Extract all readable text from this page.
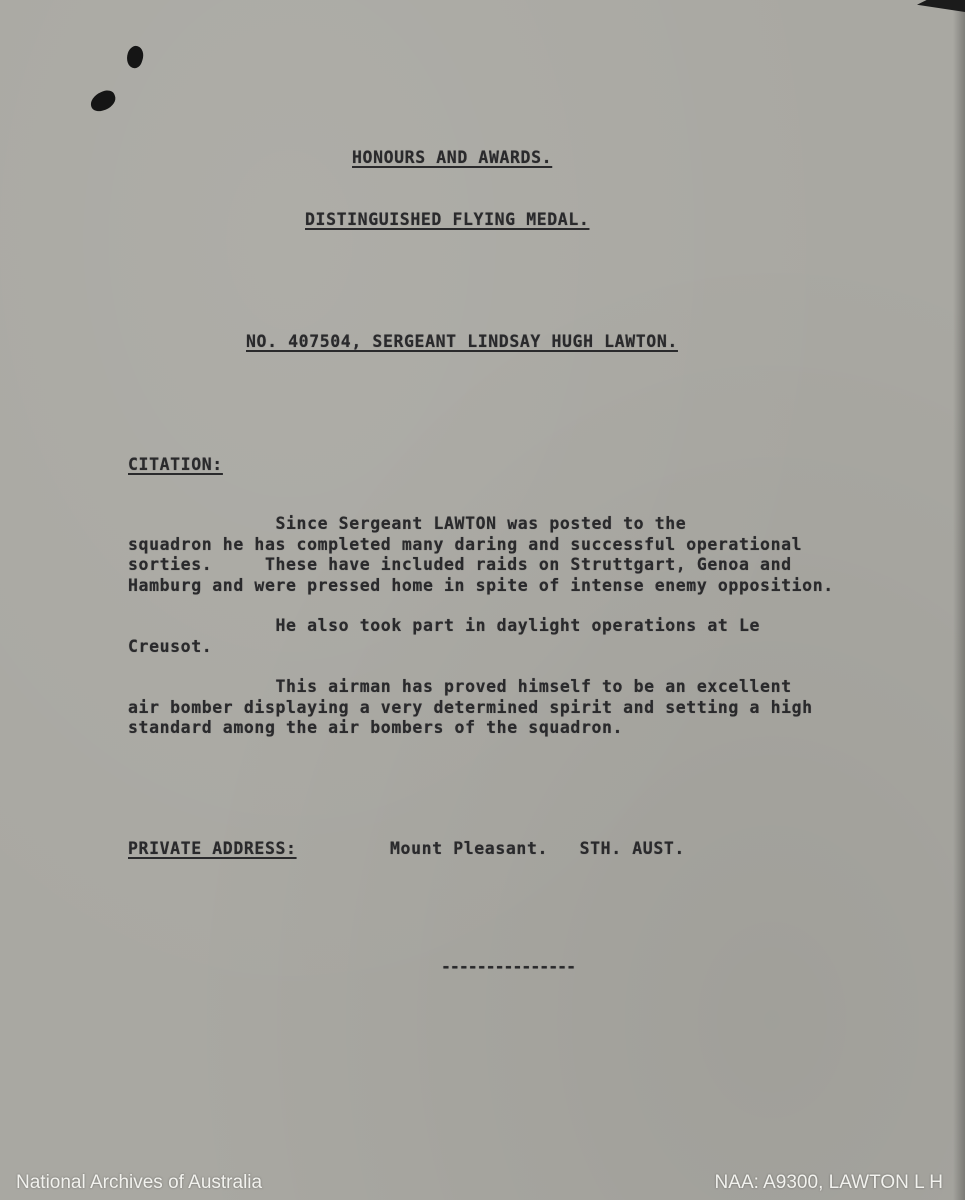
HONOURS AND AWARDS.
DISTINGUISHED FLYING MEDAL.
NO. 407504, SERGEANT LINDSAY HUGH LAWTON.
CITATION:
Since Sergeant LAWTON was posted to the
squadron he has completed many daring and successful operational
sorties.     These have included raids on Struttgart, Genoa and
Hamburg and were pressed home in spite of intense enemy opposition.
He also took part in daylight operations at Le
Creusot.
This airman has proved himself to be an excellent
air bomber displaying a very determined spirit and setting a high
standard among the air bombers of the squadron.
PRIVATE ADDRESS:	Mount Pleasant.   STH. AUST.
---------------
National Archives of Australia	NAA: A9300, LAWTON L H
